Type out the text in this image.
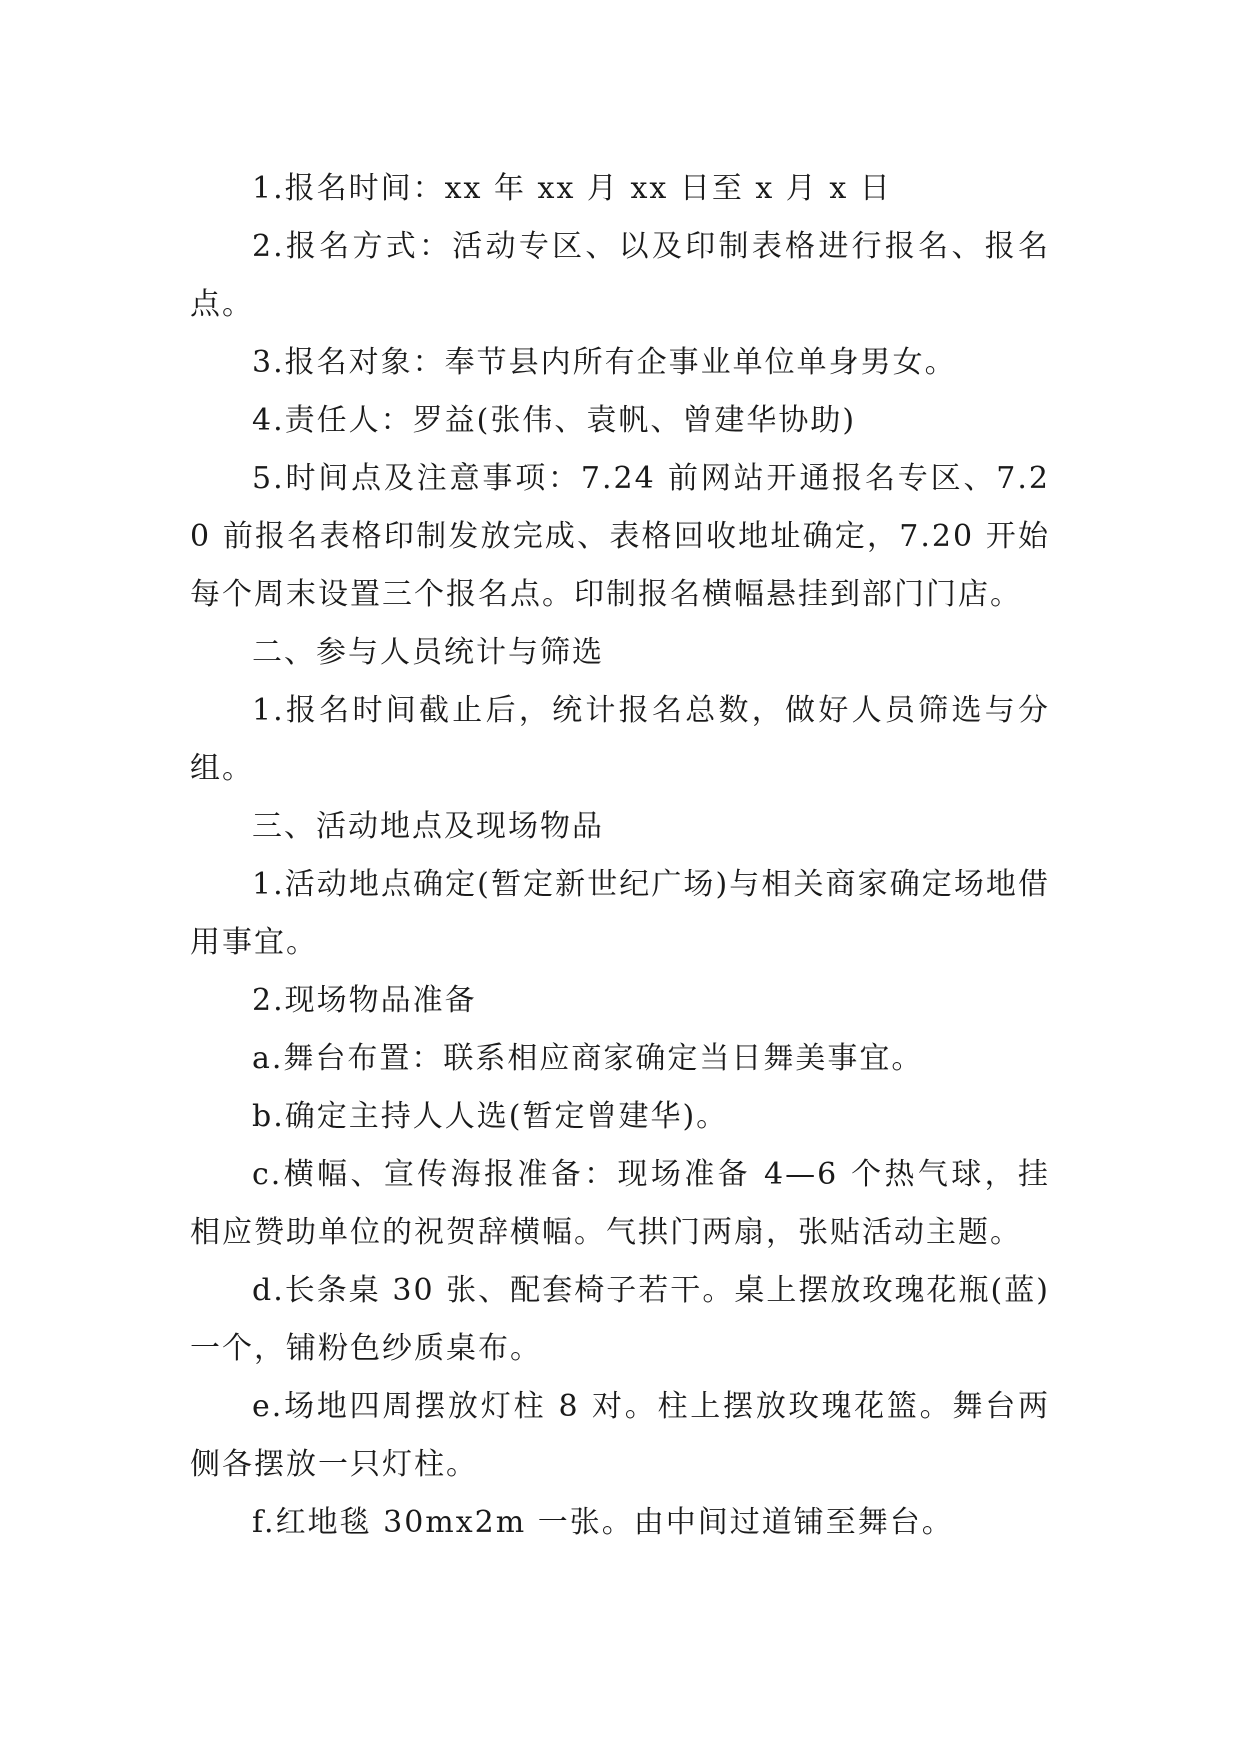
1.报名时间：xx 年 xx 月 xx 日至 x 月 x 日

2.报名方式：活动专区、以及印制表格进行报名、报名点。

3.报名对象：奉节县内所有企事业单位单身男女。

4.责任人：罗益(张伟、袁帆、曾建华协助)

5.时间点及注意事项：7.24 前网站开通报名专区、7.20 前报名表格印制发放完成、表格回收地址确定，7.20 开始每个周末设置三个报名点。印制报名横幅悬挂到部门门店。

二、参与人员统计与筛选

1.报名时间截止后，统计报名总数，做好人员筛选与分组。

三、活动地点及现场物品

1.活动地点确定(暂定新世纪广场)与相关商家确定场地借用事宜。

2.现场物品准备

a.舞台布置：联系相应商家确定当日舞美事宜。

b.确定主持人人选(暂定曾建华)。

c.横幅、宣传海报准备：现场准备 4—6 个热气球，挂相应赞助单位的祝贺辞横幅。气拱门两扇，张贴活动主题。

d.长条桌 30 张、配套椅子若干。桌上摆放玫瑰花瓶(蓝)一个，铺粉色纱质桌布。

e.场地四周摆放灯柱 8 对。柱上摆放玫瑰花篮。舞台两侧各摆放一只灯柱。

f.红地毯 30mx2m 一张。由中间过道铺至舞台。
